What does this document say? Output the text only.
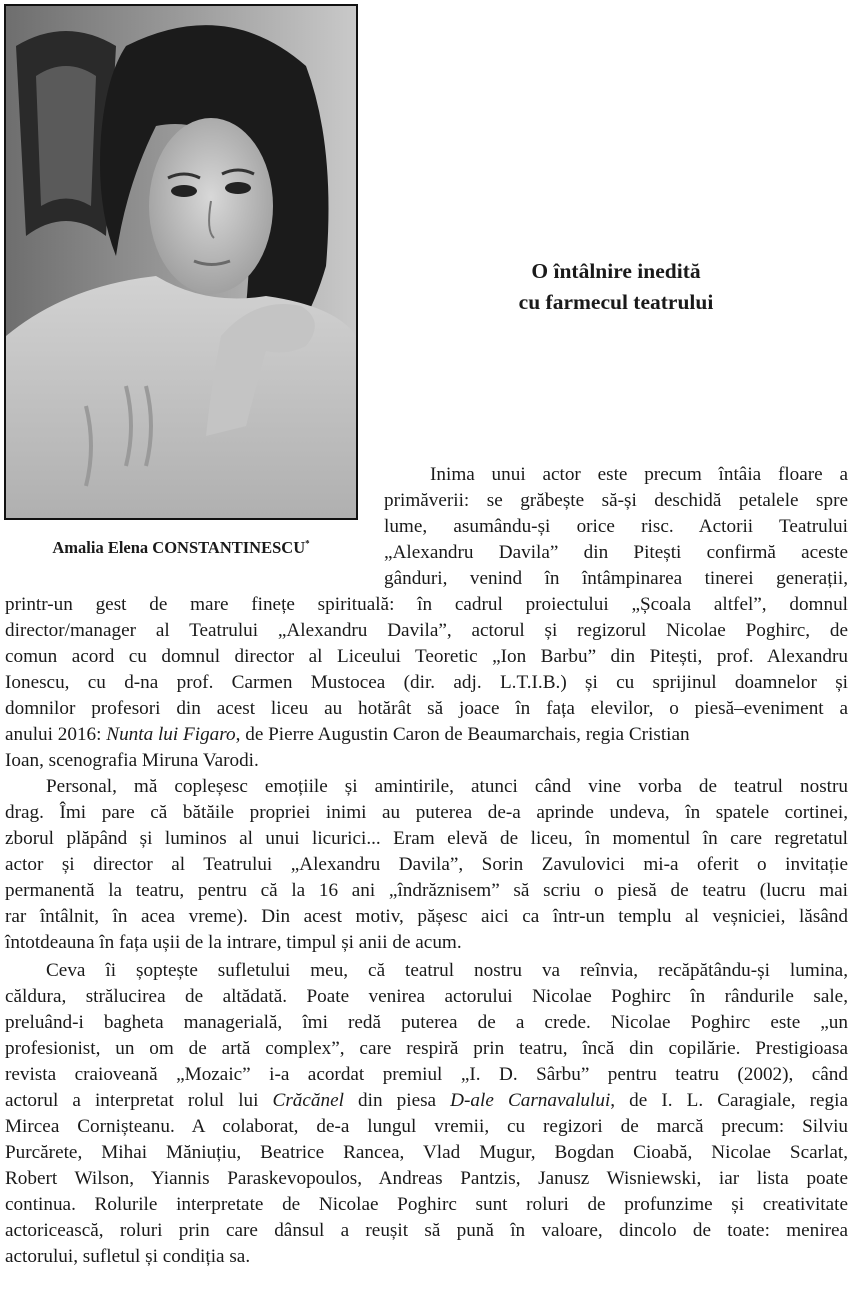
Amalia Elena CONSTANTINESCU*
O întâlnire inedită
cu farmecul teatrului
Inima unui actor este precum întâia floare a
primăverii: se grăbește să-și deschidă petalele spre
lume, asumându-și orice risc. Actorii Teatrului
„Alexandru Davila” din Pitești confirmă aceste
gânduri, venind în întâmpinarea tinerei generații,
printr-un gest de mare finețe spirituală: în cadrul proiectului „Școala altfel”, domnul
director/manager al Teatrului „Alexandru Davila”, actorul și regizorul Nicolae Poghirc, de
comun acord cu domnul director al Liceului Teoretic „Ion Barbu” din Pitești, prof. Alexandru
Ionescu, cu d-na prof. Carmen Mustocea (dir. adj. L.T.I.B.) și cu sprijinul doamnelor și
domnilor profesori din acest liceu au hotărât să joace în fața elevilor, o piesă–eveniment a
anului 2016: Nunta lui Figaro, de Pierre Augustin Caron de Beaumarchais, regia Cristian
Ioan, scenografia Miruna Varodi.
Personal, mă copleșesc emoțiile și amintirile, atunci când vine vorba de teatrul nostru
drag. Îmi pare că bătăile propriei inimi au puterea de-a aprinde undeva, în spatele cortinei,
zborul plăpând și luminos al unui licurici... Eram elevă de liceu, în momentul în care regretatul
actor și director al Teatrului „Alexandru Davila”, Sorin Zavulovici mi-a oferit o invitație
permanentă la teatru, pentru că la 16 ani „îndrăznisem” să scriu o piesă de teatru (lucru mai
rar întâlnit, în acea vreme). Din acest motiv, pășesc aici ca într-un templu al veșniciei, lăsând
întotdeauna în fața ușii de la intrare, timpul și anii de acum.
Ceva îi șoptește sufletului meu, că teatrul nostru va reînvia, recăpătându-și lumina,
căldura, strălucirea de altădată. Poate venirea actorului Nicolae Poghirc în rândurile sale,
preluând-i bagheta managerială, îmi redă puterea de a crede. Nicolae Poghirc este „un
profesionist, un om de artă complex”, care respiră prin teatru, încă din copilărie. Prestigioasa
revista craioveană „Mozaic” i-a acordat premiul „I. D. Sârbu” pentru teatru (2002), când
actorul a interpretat rolul lui Crăcănel din piesa D-ale Carnavalului, de I. L. Caragiale, regia
Mircea Cornișteanu. A colaborat, de-a lungul vremii, cu regizori de marcă precum: Silviu
Purcărete, Mihai Măniuțiu, Beatrice Rancea, Vlad Mugur, Bogdan Cioabă, Nicolae Scarlat,
Robert Wilson, Yiannis Paraskevopoulos, Andreas Pantzis, Janusz Wisniewski, iar lista poate
continua. Rolurile interpretate de Nicolae Poghirc sunt roluri de profunzime și creativitate
actoricească, roluri prin care dânsul a reușit să pună în valoare, dincolo de toate: menirea
actorului, sufletul și condiția sa.
